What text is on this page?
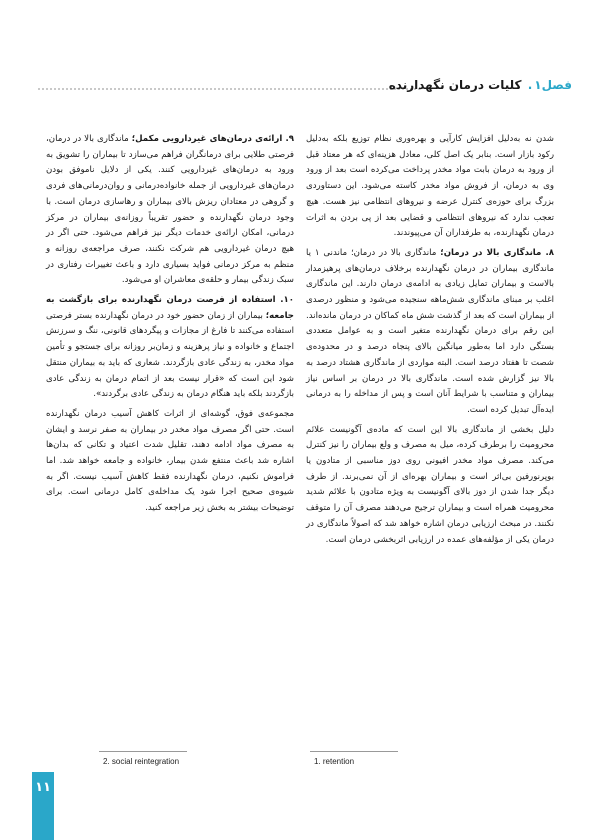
فصل۱. کلیات درمان نگهدارنده

شدن نه به‌دلیل افزایش کارآیی و بهره‌وری نظام توزیع بلکه به‌دلیل رکود بازار است. بنابر یک اصل کلی، معادل هزینه‌ای که هر معتاد قبل از ورود به درمان بابت مواد مخدر پرداخت می‌کرده است بعد از ورود وی به درمان، از فروش مواد مخدر کاسته می‌شود. این دستاوردی بزرگ برای حوزه‌ی کنترل عرضه و نیروهای انتظامی نیز هست. هیچ تعجب ندارد که نیروهای انتظامی و قضایی بعد از پی بردن به اثرات درمان نگهدارنده، به طرفداران آن می‌پیوندند.

۸. ماندگاری بالا در درمان؛ ماندگاری بالا در درمان؛ ماندنی ۱ یا ماندگاری بیماران در درمان نگهدارنده برخلاف درمان‌های پرهیزمدار بالاست و بیماران تمایل زیادی به ادامه‌ی درمان دارند. این ماندگاری اغلب بر مبنای ماندگاری شش‌ماهه سنجیده می‌شود و منظور درصدی از بیماران است که بعد از گذشت شش ماه کماکان در درمان مانده‌اند. این رقم برای درمان نگهدارنده متغیر است و به عوامل متعددی بستگی دارد اما به‌طور میانگین بالای پنجاه درصد و در محدوده‌ی شصت تا هفتاد درصد است. البته مواردی از ماندگاری هشتاد درصد به بالا نیز گزارش شده است. ماندگاری بالا در درمان بر اساس نیاز بیماران و متناسب با شرایط آنان است و پس از مداخله را به درمانی ایده‌آل تبدیل کرده است.

دلیل بخشی از ماندگاری بالا این است که ماده‌ی آگونیست علائم محرومیت را برطرف کرده، میل به مصرف و ولع بیماران را نیز کنترل می‌کند. مصرف مواد مخدر افیونی روی دوز مناسبی از متادون یا بوپرنورفین بی‌اثر است و بیماران بهره‌ای از آن نمی‌برند. از طرف دیگر جدا شدن از دوز بالای آگونیست به ویژه متادون با علائم شدید محرومیت همراه است و بیماران ترجیح می‌دهند مصرف آن را متوقف نکنند. در مبحث ارزیابی درمان اشاره خواهد شد که اصولاً ماندگاری در درمان یکی از مؤلفه‌های عمده در ارزیابی اثربخشی درمان است.

۹. ارائه‌ی درمان‌های غیردارویی مکمل؛ ماندگاری بالا در درمان، فرصتی طلایی برای درمانگران فراهم می‌سازد تا بیماران را تشویق به ورود به درمان‌های غیردارویی کنند. یکی از دلایل ناموفق بودن درمان‌های غیردارویی از جمله خانواده‌درمانی و روان‌درمانی‌های فردی و گروهی در معتادان ریزش بالای بیماران و رهاسازی درمان است. با وجود درمان نگهدارنده و حضور تقریباً روزانه‌ی بیماران در مرکز درمانی، امکان ارائه‌ی خدمات دیگر نیز فراهم می‌شود. حتی اگر در هیچ درمان غیردارویی هم شرکت نکنند، صرف مراجعه‌ی روزانه و منظم به مرکز درمانی فواید بسیاری دارد و باعث تغییرات رفتاری در سبک زندگی بیمار و حلقه‌ی معاشران او می‌شود.

۱۰. استفاده از فرصت درمان نگهدارنده برای بازگشت به جامعه؛ بیماران از زمان حضور خود در درمان نگهدارنده بستر فرصتی استفاده می‌کنند تا فارغ از مجازات و پیگردهای قانونی، ننگ و سرزنش اجتماع و خانواده و نیاز پرهزینه و زمان‌بر روزانه برای جستجو و تأمین مواد مخدر، به زندگی عادی بازگردند. شعاری که باید به بیماران منتقل شود این است که «قرار نیست بعد از اتمام درمان به زندگی عادی بازگردند بلکه باید هنگام درمان به زندگی عادی برگردند».

مجموعه‌ی فوق، گوشه‌ای از اثرات کاهش آسیب درمان نگهدارنده است. حتی اگر مصرف مواد مخدر در بیماران به صفر نرسد و ایشان به مصرف مواد ادامه دهند، تقلیل شدت اعتیاد و تکانی که بدان‌ها اشاره شد باعث منتفع شدن بیمار، خانواده و جامعه خواهد شد. اما فراموش نکنیم، درمان نگهدارنده فقط کاهش آسیب نیست. اگر به شیوه‌ی صحیح اجرا شود یک مداخله‌ی کامل درمانی است. برای توضیحات بیشتر به بخش زیر مراجعه کنید.

2. social reintegration	1. retention
۱۱
